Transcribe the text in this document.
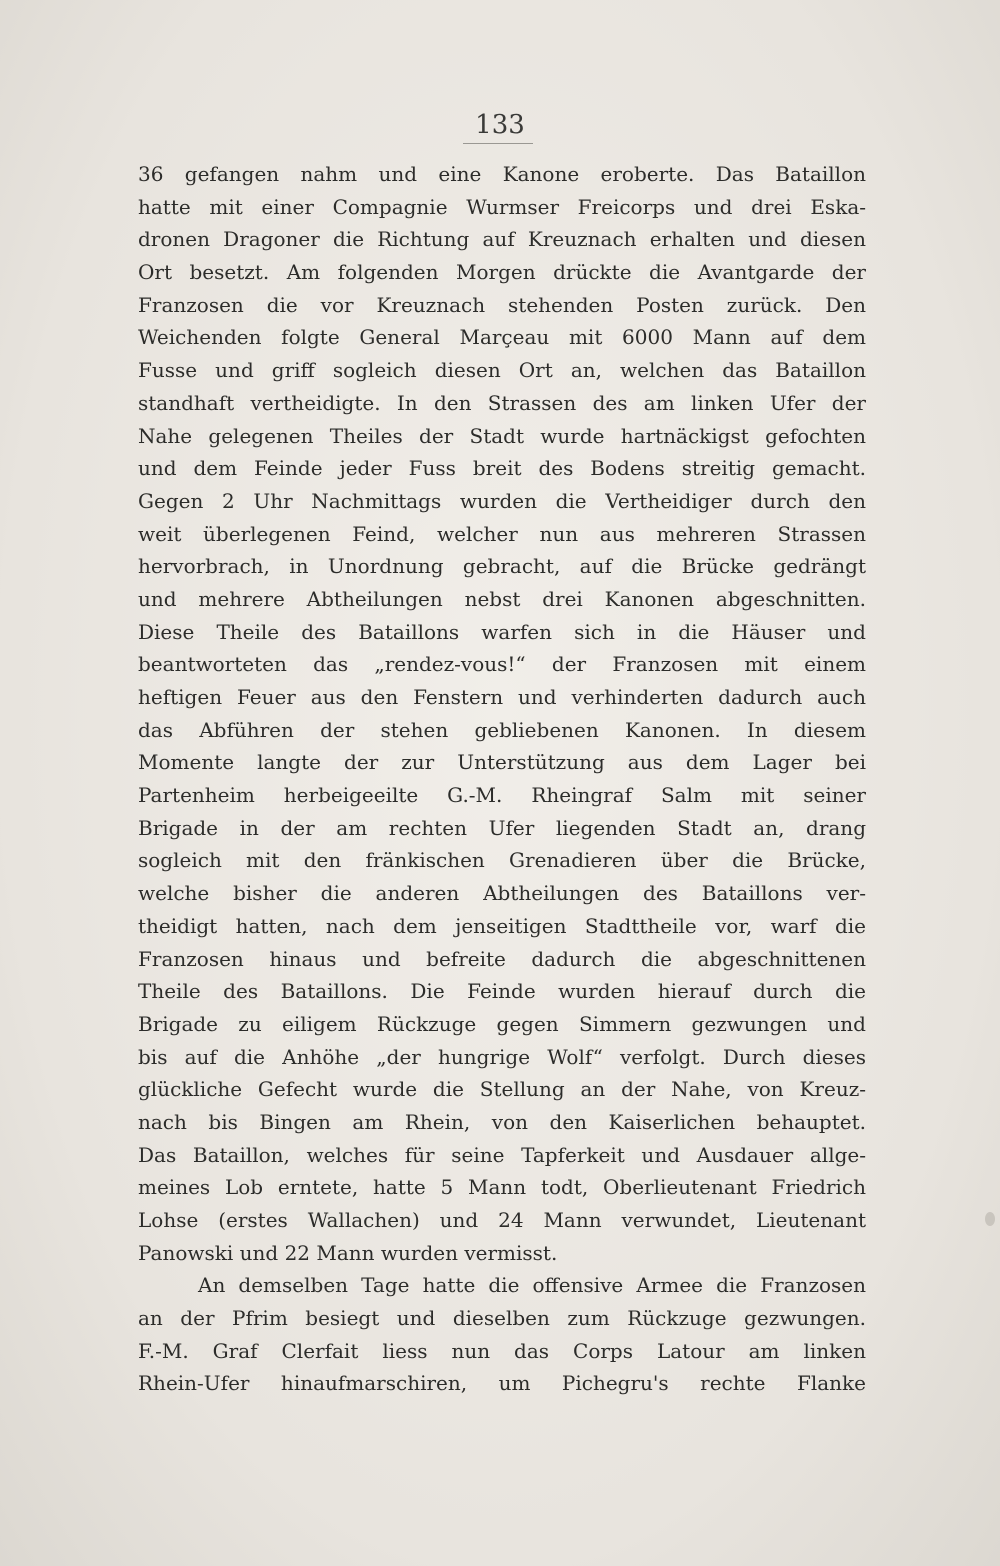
133
36 gefangen nahm und eine Kanone eroberte. Das Bataillon
hatte mit einer Compagnie Wurmser Freicorps und drei Eska-
dronen Dragoner die Richtung auf Kreuznach erhalten und diesen
Ort besetzt. Am folgenden Morgen drückte die Avantgarde der
Franzosen die vor Kreuznach stehenden Posten zurück. Den
Weichenden folgte General Marçeau mit 6000 Mann auf dem
Fusse und griff sogleich diesen Ort an, welchen das Bataillon
standhaft vertheidigte. In den Strassen des am linken Ufer der
Nahe gelegenen Theiles der Stadt wurde hartnäckigst gefochten
und dem Feinde jeder Fuss breit des Bodens streitig gemacht.
Gegen 2 Uhr Nachmittags wurden die Vertheidiger durch den
weit überlegenen Feind, welcher nun aus mehreren Strassen
hervorbrach, in Unordnung gebracht, auf die Brücke gedrängt
und mehrere Abtheilungen nebst drei Kanonen abgeschnitten.
Diese Theile des Bataillons warfen sich in die Häuser und
beantworteten das „rendez-vous!“ der Franzosen mit einem
heftigen Feuer aus den Fenstern und verhinderten dadurch auch
das Abführen der stehen gebliebenen Kanonen. In diesem
Momente langte der zur Unterstützung aus dem Lager bei
Partenheim herbeigeeilte G.-M. Rheingraf Salm mit seiner
Brigade in der am rechten Ufer liegenden Stadt an, drang
sogleich mit den fränkischen Grenadieren über die Brücke,
welche bisher die anderen Abtheilungen des Bataillons ver-
theidigt hatten, nach dem jenseitigen Stadttheile vor, warf die
Franzosen hinaus und befreite dadurch die abgeschnittenen
Theile des Bataillons. Die Feinde wurden hierauf durch die
Brigade zu eiligem Rückzuge gegen Simmern gezwungen und
bis auf die Anhöhe „der hungrige Wolf“ verfolgt. Durch dieses
glückliche Gefecht wurde die Stellung an der Nahe, von Kreuz-
nach bis Bingen am Rhein, von den Kaiserlichen behauptet.
Das Bataillon, welches für seine Tapferkeit und Ausdauer allge-
meines Lob erntete, hatte 5 Mann todt, Oberlieutenant Friedrich
Lohse (erstes Wallachen) und 24 Mann verwundet, Lieutenant
Panowski und 22 Mann wurden vermisst.
An demselben Tage hatte die offensive Armee die Franzosen
an der Pfrim besiegt und dieselben zum Rückzuge gezwungen.
F.-M. Graf Clerfait liess nun das Corps Latour am linken
Rhein-Ufer hinaufmarschiren, um Pichegru's rechte Flanke
